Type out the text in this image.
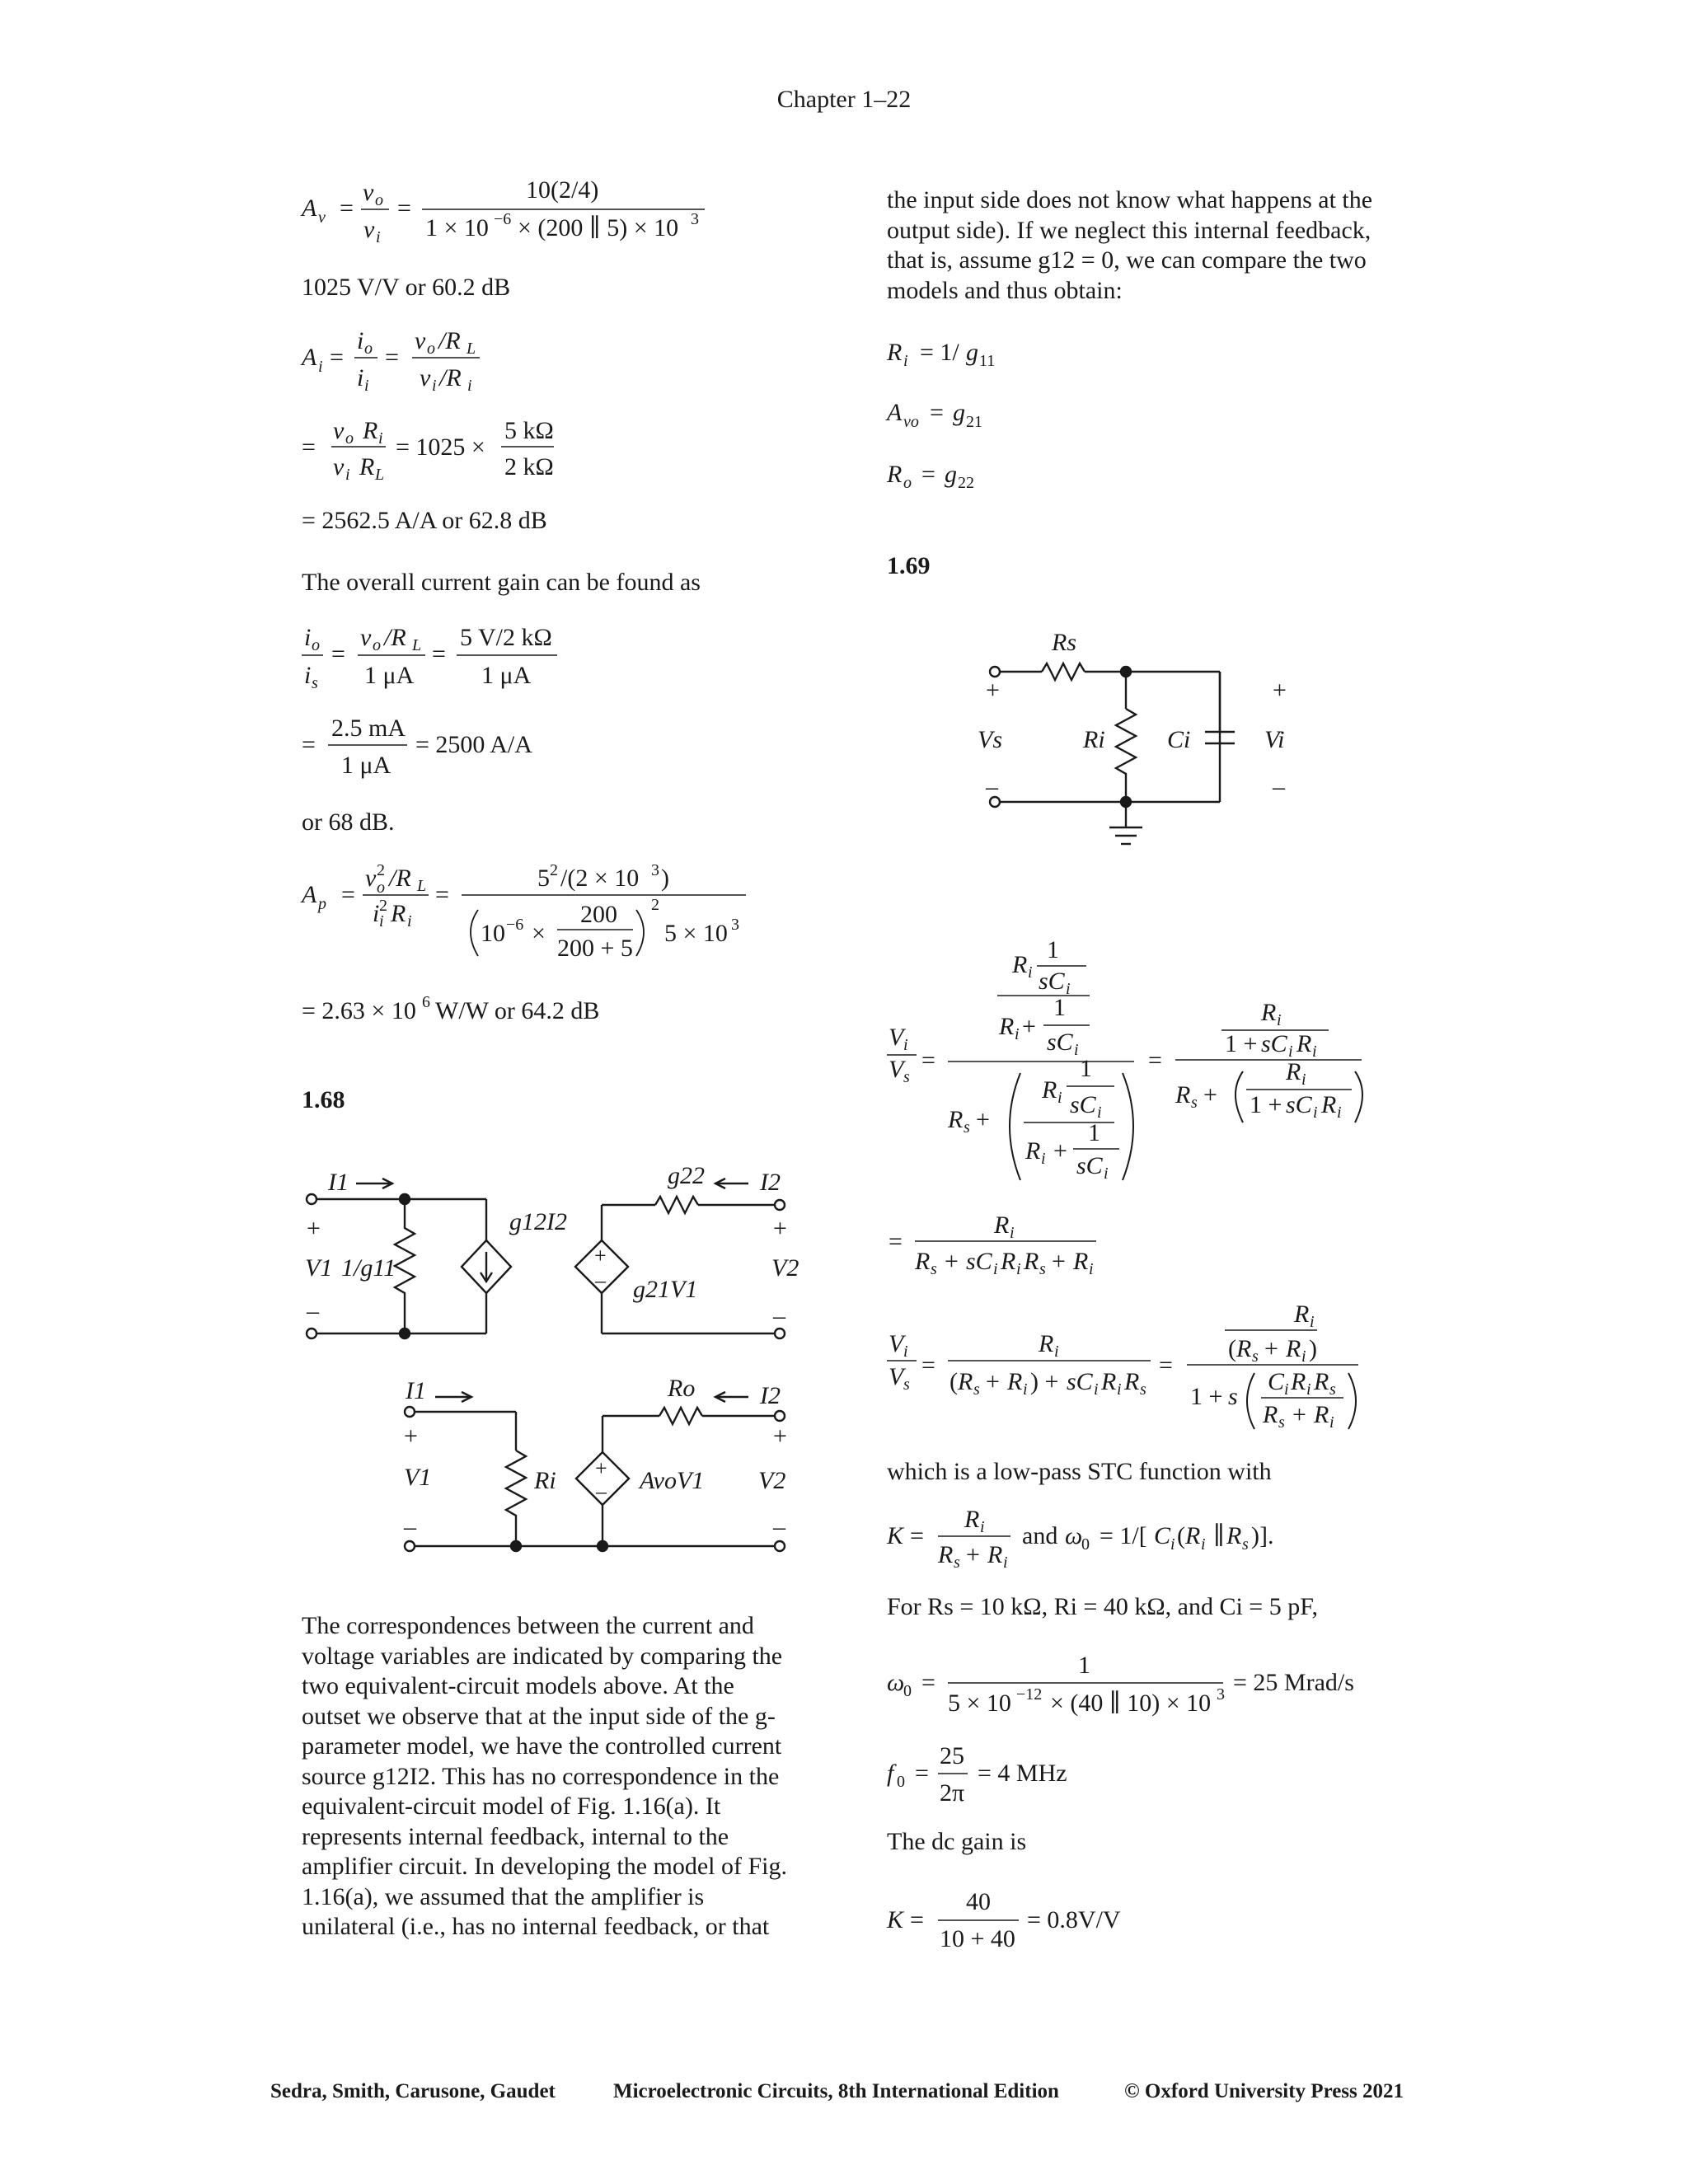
Chapter 1–22
1025 V/V or 60.2 dB
= 2562.5 A/A or 62.8 dB
The overall current gain can be found as
or 68 dB.
1.68
The correspondences between the current and voltage variables are indicated by comparing the two equivalent-circuit models above. At the outset we observe that at the input side of the g-parameter model, we have the controlled current source g12I2. This has no correspondence in the equivalent-circuit model of Fig. 1.16(a). It represents internal feedback, internal to the amplifier circuit. In developing the model of Fig. 1.16(a), we assumed that the amplifier is unilateral (i.e., has no internal feedback, or that
the input side does not know what happens at the output side). If we neglect this internal feedback, that is, assume g12 = 0, we can compare the two models and thus obtain:
1.69
which is a low-pass STC function with
For Rs = 10 kΩ, Ri = 40 kΩ, and Ci = 5 pF,
The dc gain is
A v =
v o
v i
=
10(2/4)
1 × 10 −6 × (200 ∥ 5) × 10 3
A i =
i o
i i
=
v o /R L
v i /R i
=
v o R i
v i R L
= 1025 ×
5 kΩ
2 kΩ
i o
i s
=
v o /R L
1 μA
=
5 V/2 kΩ
1 μA
=
2.5 mA
1 μA
= 2500 A/A
A p =
v 2
o /R L
i 2
i R i
=
5 2 /(2 × 10 3 )
10 −6 ×
200
200 + 5
2
5 × 10 3
= 2.63 × 10 6 W/W or 64.2 dB
I1
+
–
V1 1/g11
g12I2
g22 I2
+
V2
–
g21V1
+
–
I1
+
V1
–
Ri
Ro	I2
+
V2
–
AvoV1
+
–
R i = 1/ g 11
A vo = g 21
R o = g 22
Rs
+
Vs
–
Ri	Ci
+
Vi
–
V i
V s
=
1
R i sC i
1
R i +
sC i
R s +
1
R i sC i
1
R i +
sC i
=
R i
1 + sC i R i
R s +
R i
1 + sC i R i
=
R i
R s + sC i R i R s + R i
V i
V s
=
R i
( R s + R i ) + sC i R i R s
=
R i
( R s + R i )
1 + s
C i R i R s
R s + R i
K =
R i
R s + R i
and ω
0 = 1/[ C i ( R i ∥ R s )].
ω
0 =
1
5 × 10 −12 × (40 ∥ 10) × 10 3 = 25 Mrad/s
f 0 =
25
2π
= 4 MHz
K =
40
10 + 40
= 0.8V/V
Sedra, Smith, Carusone, Gaudet	Microelectronic Circuits, 8th International Edition	© Oxford University Press 2021
